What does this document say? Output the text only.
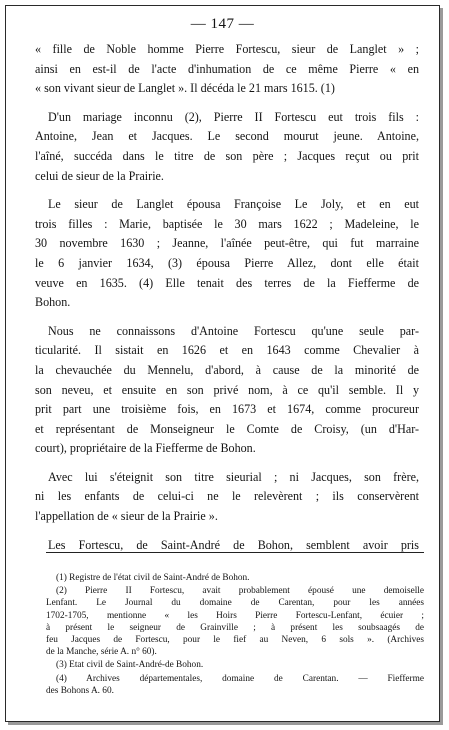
— 147 —

« fille de Noble homme Pierre Fortescu, sieur de Langlet » ;
ainsi en est-il de l'acte d'inhumation de ce même Pierre « en
« son vivant sieur de Langlet ». Il décéda le 21 mars 1615. (1)

D'un mariage inconnu (2), Pierre II Fortescu eut trois fils :
Antoine, Jean et Jacques. Le second mourut jeune. Antoine,
l'aîné, succéda dans le titre de son père ; Jacques reçut ou prit
celui de sieur de la Prairie.

Le sieur de Langlet épousa Françoise Le Joly, et en eut
trois filles : Marie, baptisée le 30 mars 1622 ; Madeleine, le
30 novembre 1630 ; Jeanne, l'aînée peut-être, qui fut marraine
le 6 janvier 1634, (3) épousa Pierre Allez, dont elle était
veuve en 1635. (4) Elle tenait des terres de la Fiefferme de
Bohon.

Nous ne connaissons d'Antoine Fortescu qu'une seule par-
ticularité. Il sistait en 1626 et en 1643 comme Chevalier à
la chevauchée du Mennelu, d'abord, à cause de la minorité de
son neveu, et ensuite en son privé nom, à ce qu'il semble. Il y
prit part une troisième fois, en 1673 et 1674, comme procureur
et représentant de Monseigneur le Comte de Croisy, (un d'Har-
court), propriétaire de la Fiefferme de Bohon.

Avec lui s'éteignit son titre sieurial ; ni Jacques, son frère,
ni les enfants de celui-ci ne le relevèrent ; ils conservèrent
l'appellation de « sieur de la Prairie ».

Les Fortescu, de Saint-André de Bohon, semblent avoir pris

(1) Registre de l'état civil de Saint-André de Bohon.
(2) Pierre II Fortescu, avait probablement épousé une demoiselle
Lenfant. Le Journal du domaine de Carentan, pour les années
1702-1705, mentionne « les Hoirs Pierre Fortescu-Lenfant, écuier ;
à présent le seigneur de Grainville ; à présent les soubsaagés de
feu Jacques de Fortescu, pour le fief au Neven, 6 sols ». (Archives
de la Manche, série A. n° 60).
(3) Etat civil de Saint-André-de Bohon.
(4) Archives départementales, domaine de Carentan. — Fiefferme
des Bohons A. 60.
